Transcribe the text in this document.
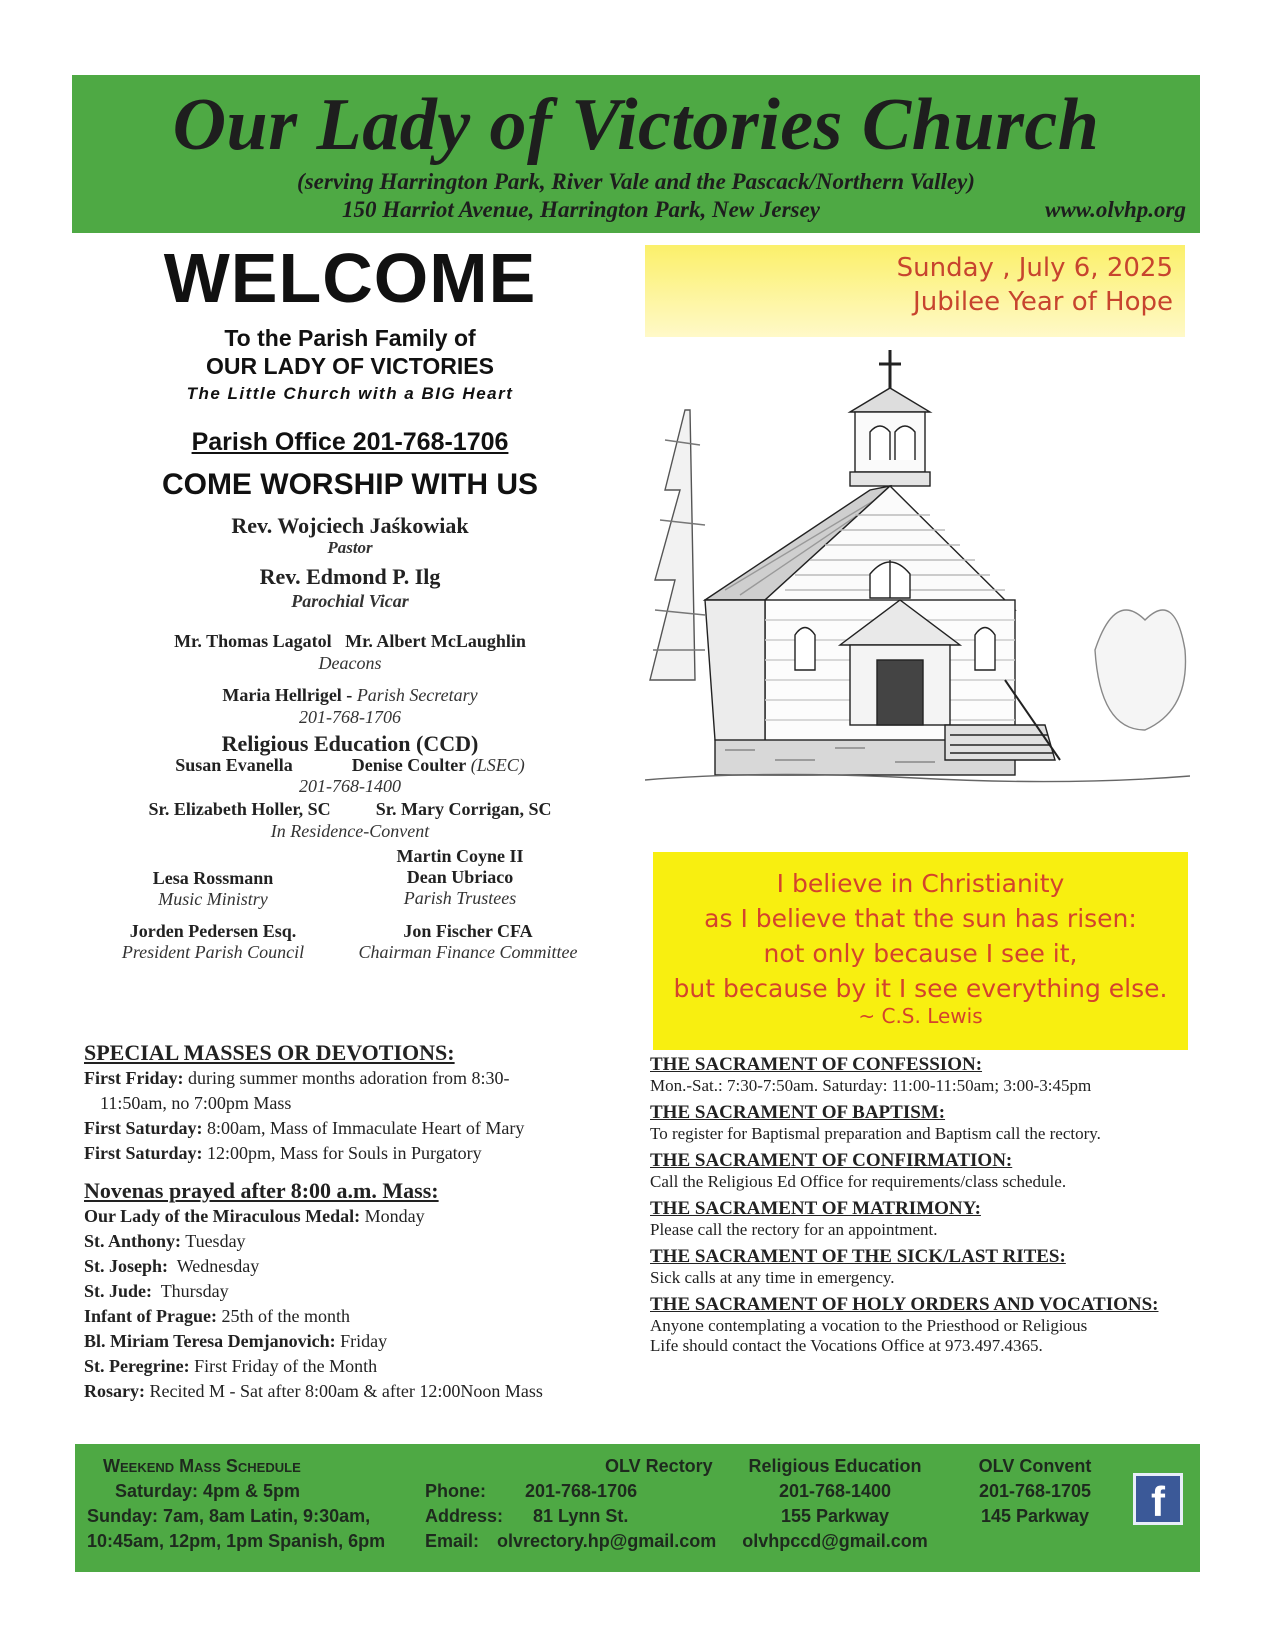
Our Lady of Victories Church
(serving Harrington Park, River Vale and the Pascack/Northern Valley)
150 Harriot Avenue, Harrington Park, New Jersey	www.olvhp.org
WELCOME
To the Parish Family of
OUR LADY OF VICTORIES
The Little Church with a BIG Heart
Parish Office 201-768-1706
COME WORSHIP WITH US
Rev. Wojciech Jaśkowiak
Pastor
Rev. Edmond P. Ilg
Parochial Vicar
Mr. Thomas Lagatol   Mr. Albert McLaughlin
Deacons
Maria Hellrigel - Parish Secretary
201-768-1706
Religious Education (CCD)
Susan Evanella	Denise Coulter (LSEC)
201-768-1400
Sr. Elizabeth Holler, SC	Sr. Mary Corrigan, SC
In Residence-Convent
Lesa Rossmann
Music Ministry
Martin Coyne II
Dean Ubriaco
Parish Trustees
Jorden Pedersen Esq.
President Parish Council
Jon Fischer CFA
Chairman Finance Committee
Sunday , July 6, 2025
Jubilee Year of Hope
I believe in Christianity
as I believe that the sun has risen:
not only because I see it,
but because by it I see everything else.
~ C.S. Lewis
SPECIAL MASSES OR DEVOTIONS:
First Friday: during summer months adoration from 8:30-
11:50am, no 7:00pm Mass
First Saturday: 8:00am, Mass of Immaculate Heart of Mary
First Saturday: 12:00pm, Mass for Souls in Purgatory
Novenas prayed after 8:00 a.m. Mass:
Our Lady of the Miraculous Medal: Monday
St. Anthony: Tuesday
St. Joseph:  Wednesday
St. Jude:  Thursday
Infant of Prague: 25th of the month
Bl. Miriam Teresa Demjanovich: Friday
St. Peregrine: First Friday of the Month
Rosary: Recited M - Sat after 8:00am & after 12:00Noon Mass
THE SACRAMENT OF CONFESSION:
Mon.-Sat.: 7:30-7:50am. Saturday: 11:00-11:50am; 3:00-3:45pm
THE SACRAMENT OF BAPTISM:
To register for Baptismal preparation and Baptism call the rectory.
THE SACRAMENT OF CONFIRMATION:
Call the Religious Ed Office for requirements/class schedule.
THE SACRAMENT OF MATRIMONY:
Please call the rectory for an appointment.
THE SACRAMENT OF THE SICK/LAST RITES:
Sick calls at any time in emergency.
THE SACRAMENT OF HOLY ORDERS AND VOCATIONS:
Anyone contemplating a vocation to the Priesthood or Religious
Life should contact the Vocations Office at 973.497.4365.
Weekend Mass Schedule
Saturday: 4pm & 5pm
Sunday: 7am, 8am Latin, 9:30am,
10:45am, 12pm, 1pm Spanish, 6pm
OLV Rectory
Phone: 201-768-1706
Address: 81 Lynn St.
Email: olvrectory.hp@gmail.com
Religious Education
201-768-1400
155 Parkway
olvhpccd@gmail.com
OLV Convent
201-768-1705
145 Parkway	f
